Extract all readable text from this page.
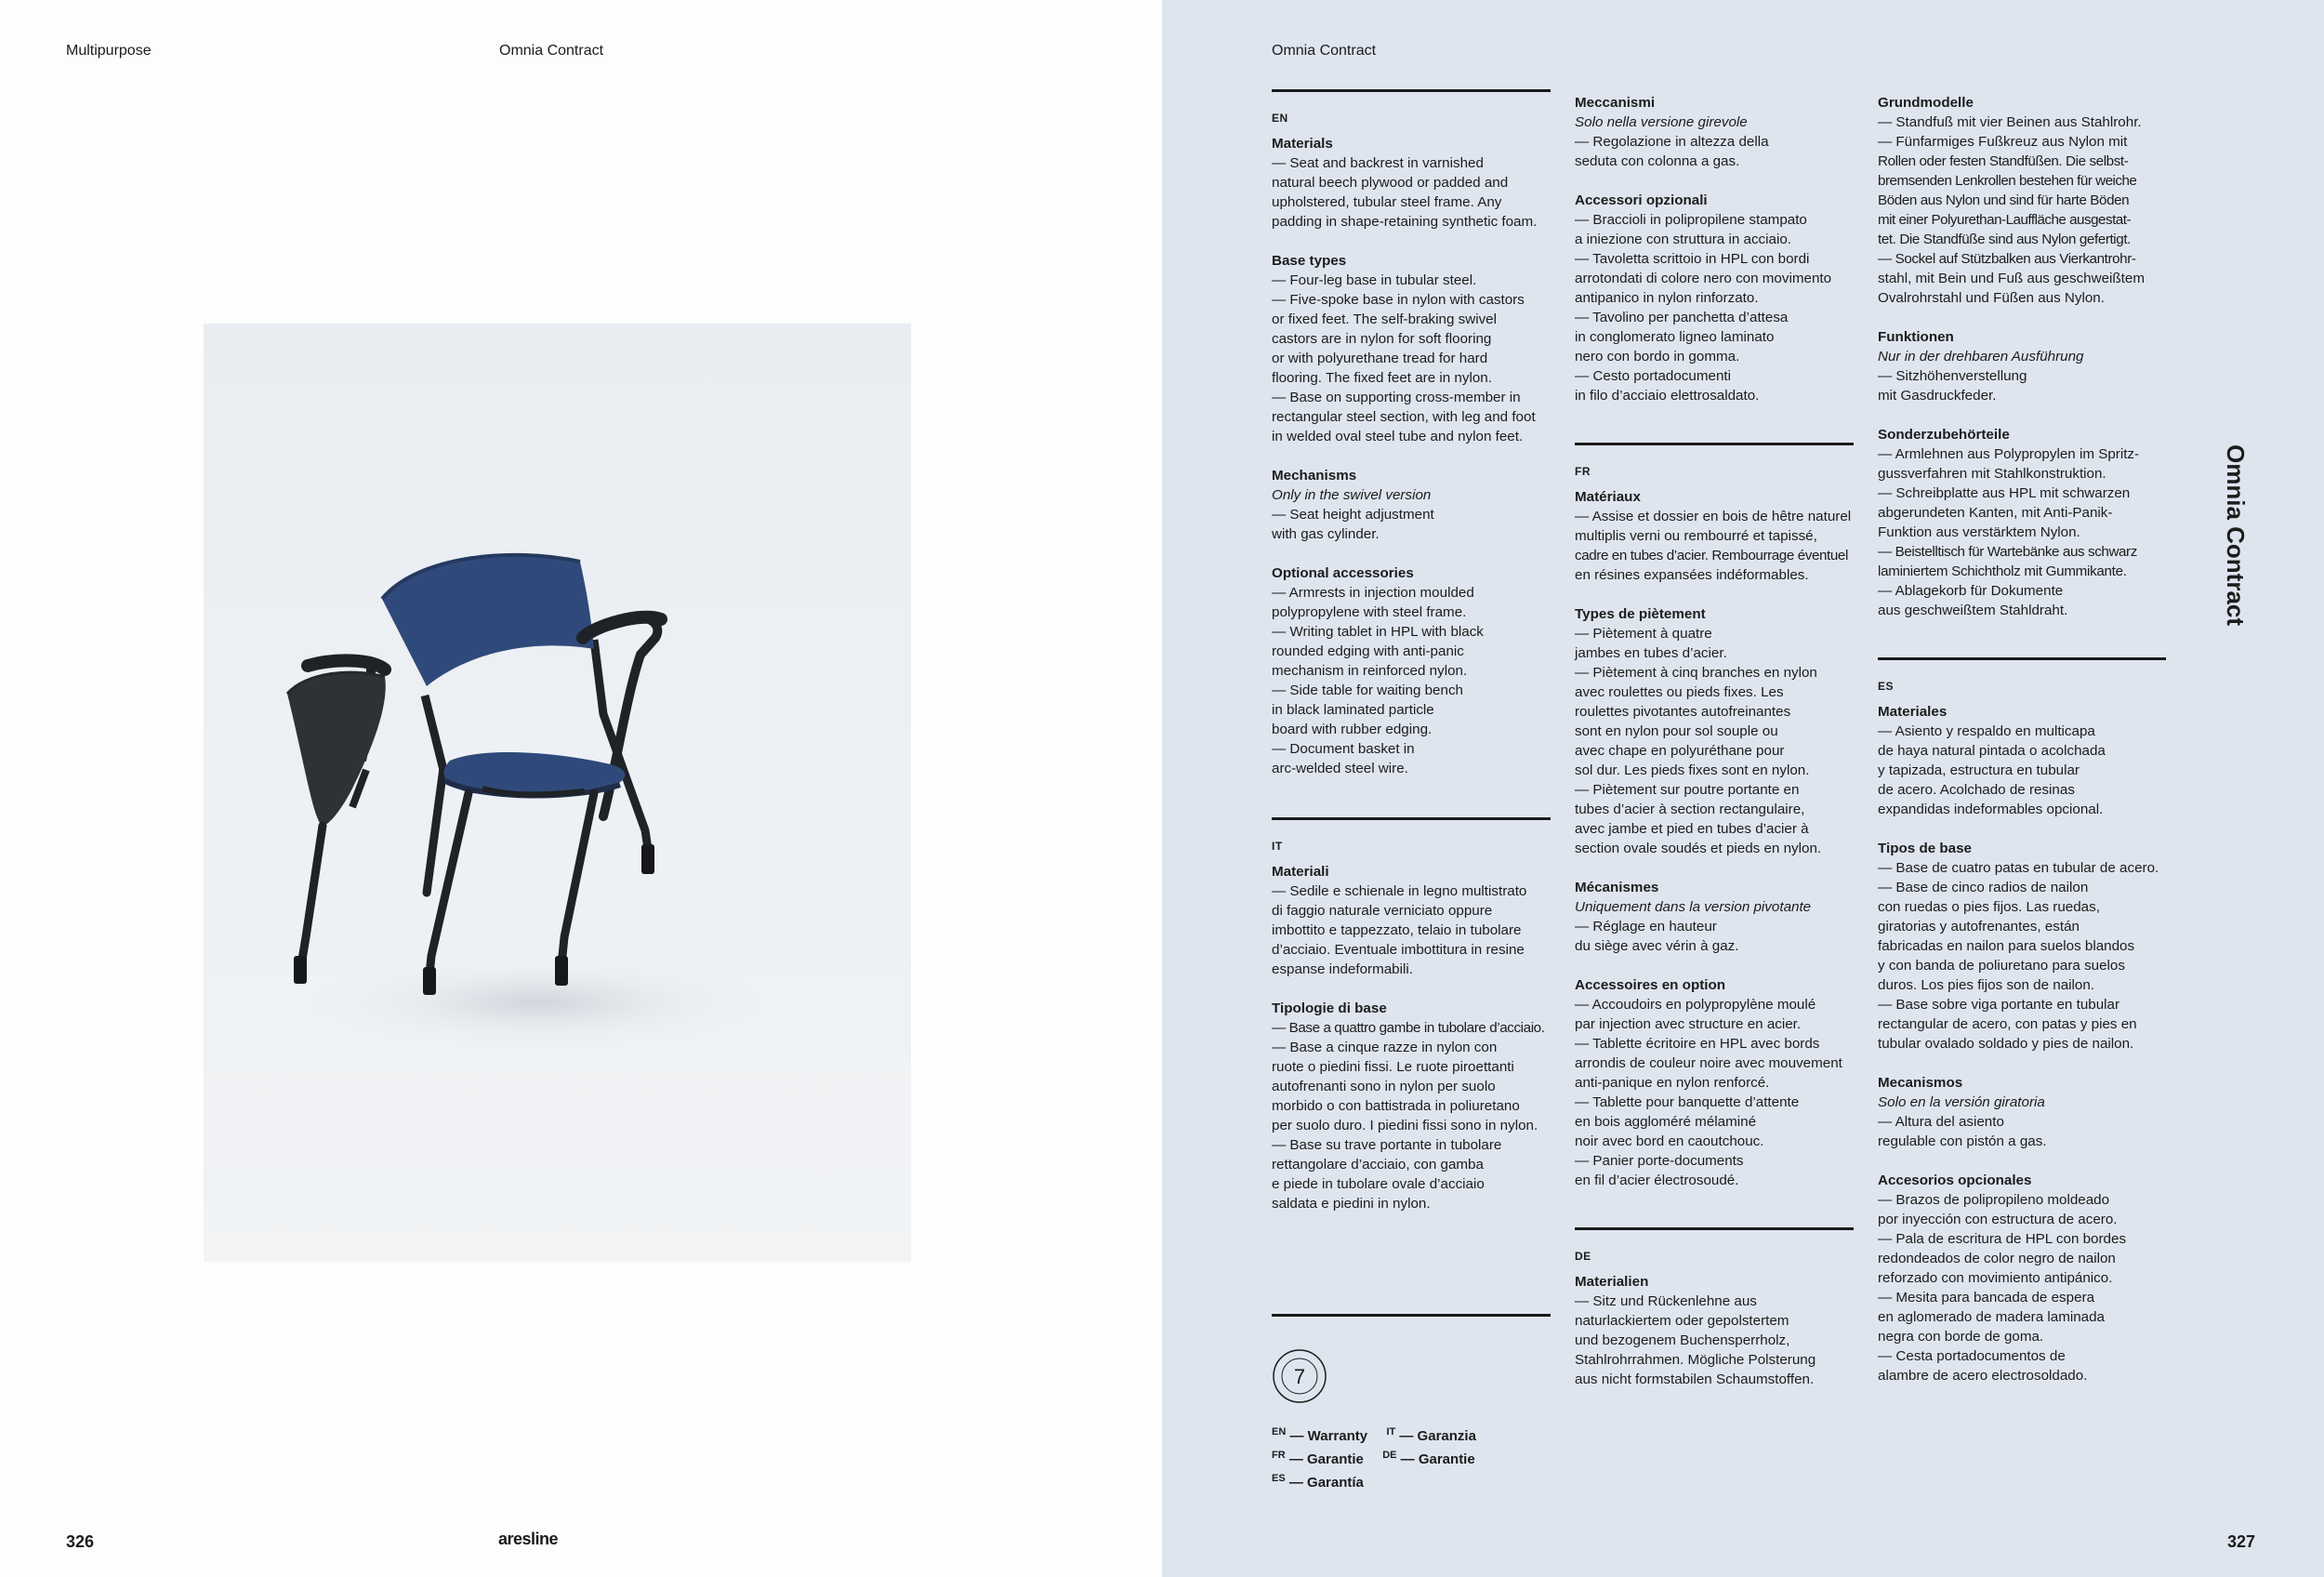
Multipurpose	Omnia Contract
326	aresline
Omnia Contract
EN

Materials

— Seat and backrest in varnished

natural beech plywood or padded and

upholstered, tubular steel frame. Any

padding in shape-retaining synthetic foam.

Base types

— Four-leg base in tubular steel.

— Five-spoke base in nylon with castors

or fixed feet. The self-braking swivel

castors are in nylon for soft flooring

or with polyurethane tread for hard

flooring. The fixed feet are in nylon.

— Base on supporting cross-member in

rectangular steel section, with leg and foot

in welded oval steel tube and nylon feet.

Mechanisms

Only in the swivel version

— Seat height adjustment

with gas cylinder.

Optional accessories

— Armrests in injection moulded

polypropylene with steel frame.

— Writing tablet in HPL with black

rounded edging with anti-panic

mechanism in reinforced nylon.

— Side table for waiting bench

in black laminated particle

board with rubber edging.

— Document basket in

arc-welded steel wire.

IT

Materiali

— Sedile e schienale in legno multistrato

di faggio naturale verniciato oppure

imbottito e tappezzato, telaio in tubolare

d’acciaio. Eventuale imbottitura in resine

espanse indeformabili.

Tipologie di base

— Base a quattro gambe in tubolare d’acciaio.

— Base a cinque razze in nylon con

ruote o piedini fissi. Le ruote piroettanti

autofrenanti sono in nylon per suolo

morbido o con battistrada in poliuretano

per suolo duro. I piedini fissi sono in nylon.

— Base su trave portante in tubolare

rettangolare d’acciaio, con gamba

e piede in tubolare ovale d’acciaio

saldata e piedini in nylon.

7
$^{EN}$ — Warranty $^{IT}$ — Garanzia
$^{FR}$ — Garantie $^{DE}$ — Garantie
$^{ES}$ — Garantía

Meccanismi

Solo nella versione girevole

— Regolazione in altezza della

seduta con colonna a gas.

Accessori opzionali

— Braccioli in polipropilene stampato

a iniezione con struttura in acciaio.

— Tavoletta scrittoio in HPL con bordi

arrotondati di colore nero con movimento

antipanico in nylon rinforzato.

— Tavolino per panchetta d’attesa

in conglomerato ligneo laminato

nero con bordo in gomma.

— Cesto portadocumenti

in filo d’acciaio elettrosaldato.

FR

Matériaux

— Assise et dossier en bois de hêtre naturel

multiplis verni ou rembourré et tapissé,

cadre en tubes d’acier. Rembourrage éventuel

en résines expansées indéformables.

Types de piètement

— Piètement à quatre

jambes en tubes d’acier.

— Piètement à cinq branches en nylon

avec roulettes ou pieds fixes. Les

roulettes pivotantes autofreinantes

sont en nylon pour sol souple ou

avec chape en polyuréthane pour

sol dur. Les pieds fixes sont en nylon.

— Piètement sur poutre portante en

tubes d’acier à section rectangulaire,

avec jambe et pied en tubes d’acier à

section ovale soudés et pieds en nylon.

Mécanismes

Uniquement dans la version pivotante

— Réglage en hauteur

du siège avec vérin à gaz.

Accessoires en option

— Accoudoirs en polypropylène moulé

par injection avec structure en acier.

— Tablette écritoire en HPL avec bords

arrondis de couleur noire avec mouvement

anti-panique en nylon renforcé.

— Tablette pour banquette d’attente

en bois aggloméré mélaminé

noir avec bord en caoutchouc.

— Panier porte-documents

en fil d’acier électrosoudé.

DE

Materialien

— Sitz und Rückenlehne aus

naturlackiertem oder gepolstertem

und bezogenem Buchensperrholz,

Stahlrohrrahmen. Mögliche Polsterung

aus nicht formstabilen Schaumstoffen.

Grundmodelle

— Standfuß mit vier Beinen aus Stahlrohr.

— Fünfarmiges Fußkreuz aus Nylon mit

Rollen oder festen Standfüßen. Die selbst-

bremsenden Lenkrollen bestehen für weiche

Böden aus Nylon und sind für harte Böden

mit einer Polyurethan-Lauffläche ausgestat-

tet. Die Standfüße sind aus Nylon gefertigt.

— Sockel auf Stützbalken aus Vierkantrohr-

stahl, mit Bein und Fuß aus geschweißtem

Ovalrohrstahl und Füßen aus Nylon.

Funktionen

Nur in der drehbaren Ausführung

— Sitzhöhenverstellung

mit Gasdruckfeder.

Sonderzubehörteile

— Armlehnen aus Polypropylen im Spritz-

gussverfahren mit Stahlkonstruktion.

— Schreibplatte aus HPL mit schwarzen

abgerundeten Kanten, mit Anti-Panik-

Funktion aus verstärktem Nylon.

— Beistelltisch für Wartebänke aus schwarz

laminiertem Schichtholz mit Gummikante.

— Ablagekorb für Dokumente

aus geschweißtem Stahldraht.

ES

Materiales

— Asiento y respaldo en multicapa

de haya natural pintada o acolchada

y tapizada, estructura en tubular

de acero. Acolchado de resinas

expandidas indeformables opcional.

Tipos de base

— Base de cuatro patas en tubular de acero.

— Base de cinco radios de nailon

con ruedas o pies fijos. Las ruedas,

giratorias y autofrenantes, están

fabricadas en nailon para suelos blandos

y con banda de poliuretano para suelos

duros. Los pies fijos son de nailon.

— Base sobre viga portante en tubular

rectangular de acero, con patas y pies en

tubular ovalado soldado y pies de nailon.

Mecanismos

Solo en la versión giratoria

— Altura del asiento

regulable con pistón a gas.

Accesorios opcionales

— Brazos de polipropileno moldeado

por inyección con estructura de acero.

— Pala de escritura de HPL con bordes

redondeados de color negro de nailon

reforzado con movimiento antipánico.

— Mesita para bancada de espera

en aglomerado de madera laminada

negra con borde de goma.

— Cesta portadocumentos de

alambre de acero electrosoldado.

Omnia Contract
327
